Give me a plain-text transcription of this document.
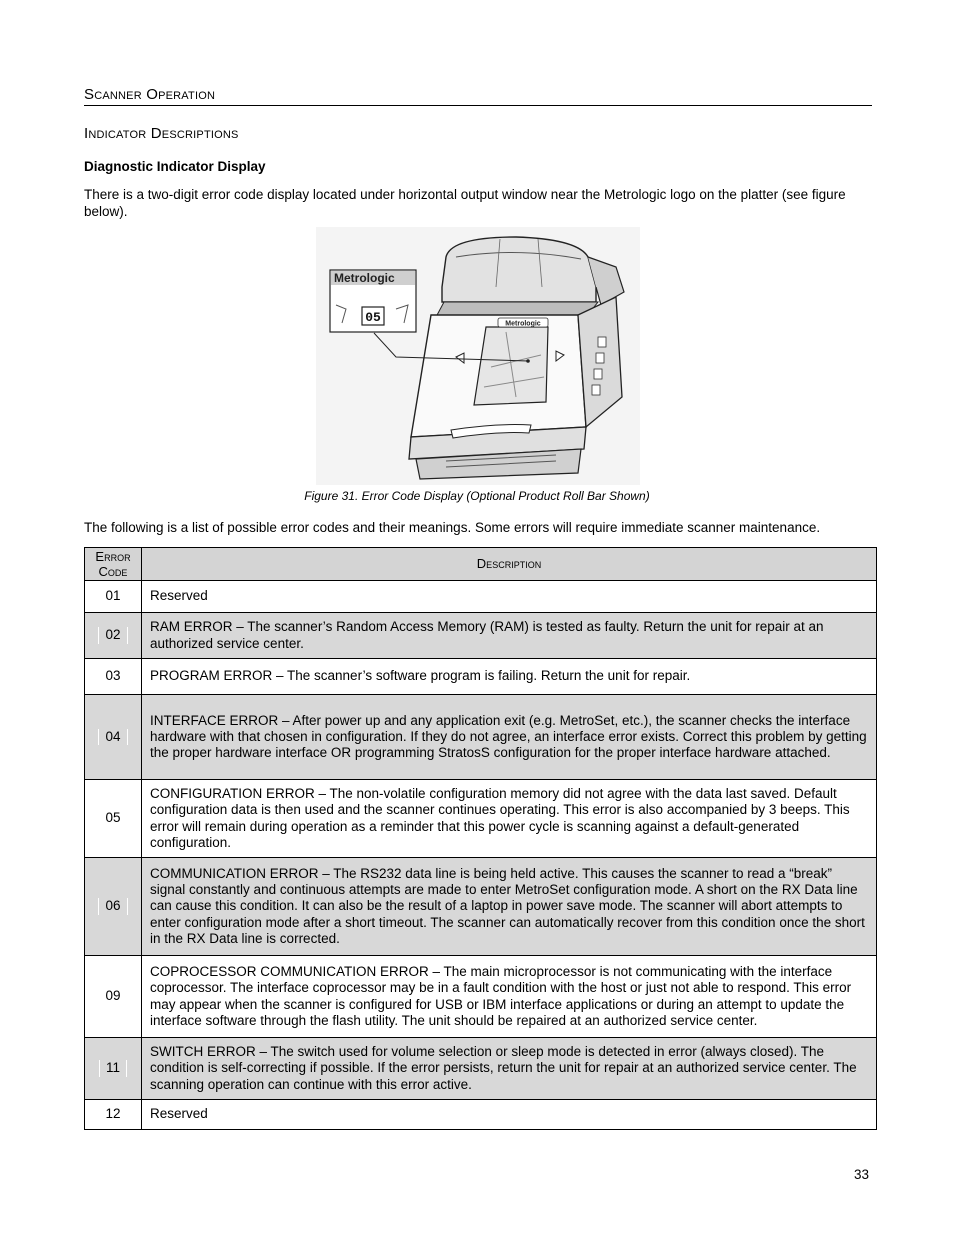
Scanner Operation
Indicator Descriptions
Diagnostic Indicator Display
There is a two-digit error code display located under horizontal output window near the Metrologic logo on the platter (see figure below).
Metrologic
Metrologic
05
Figure 31. Error Code Display (Optional Product Roll Bar Shown)
The following is a list of possible error codes and their meanings. Some errors will require immediate scanner maintenance.
Error
Code	Description
01	Reserved
02	RAM ERROR – The scanner’s Random Access Memory (RAM) is tested as faulty. Return the unit for repair at an authorized service center.
03	PROGRAM ERROR – The scanner’s software program is failing. Return the unit for repair.
04	INTERFACE ERROR – After power up and any application exit (e.g. MetroSet, etc.), the scanner checks the interface hardware with that chosen in configuration. If they do not agree, an interface error exists. Correct this problem by getting the proper hardware interface OR programming StratosS configuration for the proper interface hardware attached.
05	CONFIGURATION ERROR – The non-volatile configuration memory did not agree with the data last saved. Default configuration data is then used and the scanner continues operating. This error is also accompanied by 3 beeps. This error will remain during operation as a reminder that this power cycle is scanning against a default-generated configuration.
06	COMMUNICATION ERROR – The RS232 data line is being held active. This causes the scanner to read a “break” signal constantly and continuous attempts are made to enter MetroSet configuration mode. A short on the RX Data line can cause this condition. It can also be the result of a laptop in power save mode. The scanner will abort attempts to enter configuration mode after a short timeout. The scanner can automatically recover from this condition once the short in the RX Data line is corrected.
09	COPROCESSOR COMMUNICATION ERROR – The main microprocessor is not communicating with the interface coprocessor. The interface coprocessor may be in a fault condition with the host or just not able to respond. This error may appear when the scanner is configured for USB or IBM interface applications or during an attempt to update the interface software through the flash utility. The unit should be repaired at an authorized service center.
11	SWITCH ERROR – The switch used for volume selection or sleep mode is detected in error (always closed). The condition is self-correcting if possible. If the error persists, return the unit for repair at an authorized service center. The scanning operation can continue with this error active.
12	Reserved
33
